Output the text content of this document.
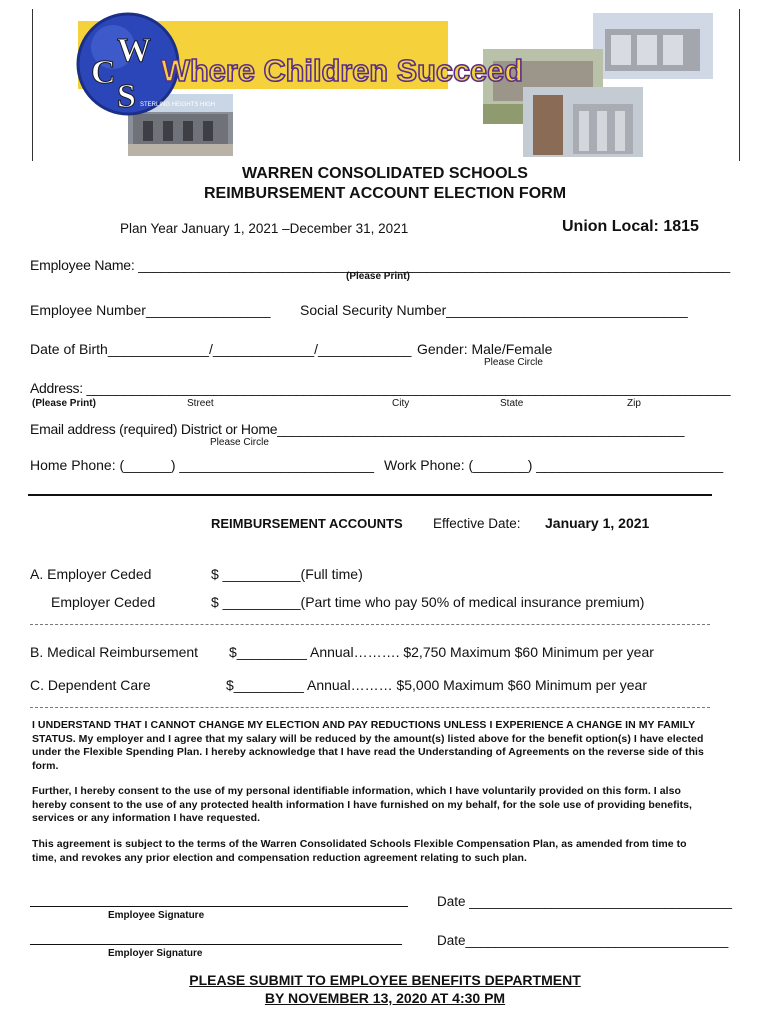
W
C
S
Where Children Succeed
STERLING HEIGHTS HIGH
WARREN CONSOLIDATED SCHOOLS
REIMBURSEMENT ACCOUNT ELECTION FORM
Plan Year January 1, 2021 –December 31, 2021	Union Local: 1815
Employee Name: ______________________________________________________________________________
(Please Print)
Employee Number________________ Social Security Number_______________________________
Date of Birth_____________/_____________/____________ Gender: Male/Female
Please Circle
Address: ______________________________________________________________________________________
(Please Print)	Street	City	State	Zip
Email address (required) District or Home______________________________________________________
Please Circle
Home Phone: (______) _________________________ Work Phone: (_______) ________________________
REIMBURSEMENT ACCOUNTS Effective Date: January 1, 2021
A. Employer Ceded	$ __________(Full time)
Employer Ceded	$ __________(Part time who pay 50% of medical insurance premium)
B. Medical Reimbursement $_________ Annual………. $2,750 Maximum $60 Minimum per year
C. Dependent Care	$_________ Annual……… $5,000 Maximum $60 Minimum per year
I UNDERSTAND THAT I CANNOT CHANGE MY ELECTION AND PAY REDUCTIONS UNLESS I EXPERIENCE A CHANGE IN MY FAMILY STATUS. My employer and I agree that my salary will be reduced by the amount(s) listed above for the benefit option(s) I have elected under the Flexible Spending Plan. I hereby acknowledge that I have read the Understanding of Agreements on the reverse side of this form.
Further, I hereby consent to the use of my personal identifiable information, which I have voluntarily provided on this form. I also hereby consent to the use of any protected health information I have furnished on my behalf, for the sole use of providing benefits, services or any information I have requested.
This agreement is subject to the terms of the Warren Consolidated Schools Flexible Compensation Plan, as amended from time to time, and revokes any prior election and compensation reduction agreement relating to such plan.
Employee Signature
Date ___________________________________
Employer Signature
Date___________________________________
PLEASE SUBMIT TO EMPLOYEE BENEFITS DEPARTMENT
BY NOVEMBER 13, 2020 AT 4:30 PM
